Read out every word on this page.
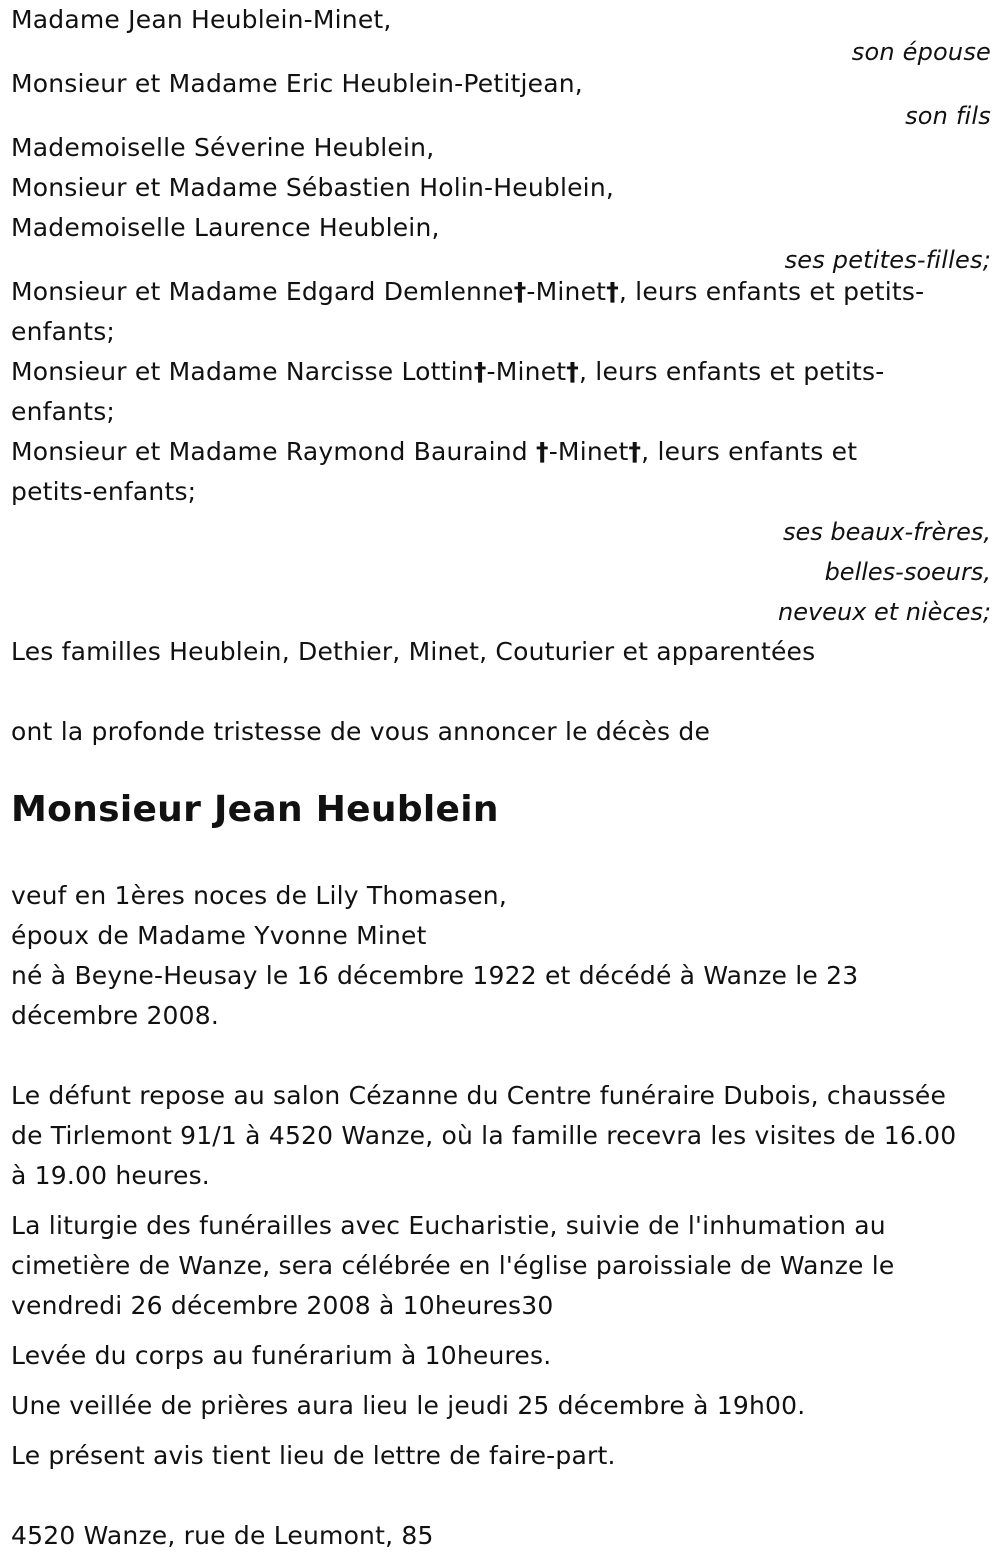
Madame Jean Heublein-Minet,
son épouse
Monsieur et Madame Eric Heublein-Petitjean,
son fils
Mademoiselle Séverine Heublein,
Monsieur et Madame Sébastien Holin-Heublein,
Mademoiselle Laurence Heublein,
ses petites-filles;
Monsieur et Madame Edgard Demlenne†-Minet†, leurs enfants et petits-
enfants;
Monsieur et Madame Narcisse Lottin†-Minet†, leurs enfants et petits-
enfants;
Monsieur et Madame Raymond Bauraind †-Minet†, leurs enfants et
petits-enfants;
ses beaux-frères,
belles-soeurs,
neveux et nièces;
Les familles Heublein, Dethier, Minet, Couturier et apparentées
ont la profonde tristesse de vous annoncer le décès de
Monsieur Jean Heublein
veuf en 1ères noces de Lily Thomasen,
époux de Madame Yvonne Minet
né à Beyne-Heusay le 16 décembre 1922 et décédé à Wanze le 23
décembre 2008.
Le défunt repose au salon Cézanne du Centre funéraire Dubois, chaussée
de Tirlemont 91/1 à 4520 Wanze, où la famille recevra les visites de 16.00
à 19.00 heures.
La liturgie des funérailles avec Eucharistie, suivie de l'inhumation au
cimetière de Wanze, sera célébrée en l'église paroissiale de Wanze le
vendredi 26 décembre 2008 à 10heures30
Levée du corps au funérarium à 10heures.
Une veillée de prières aura lieu le jeudi 25 décembre à 19h00.
Le présent avis tient lieu de lettre de faire-part.
4520 Wanze, rue de Leumont, 85
